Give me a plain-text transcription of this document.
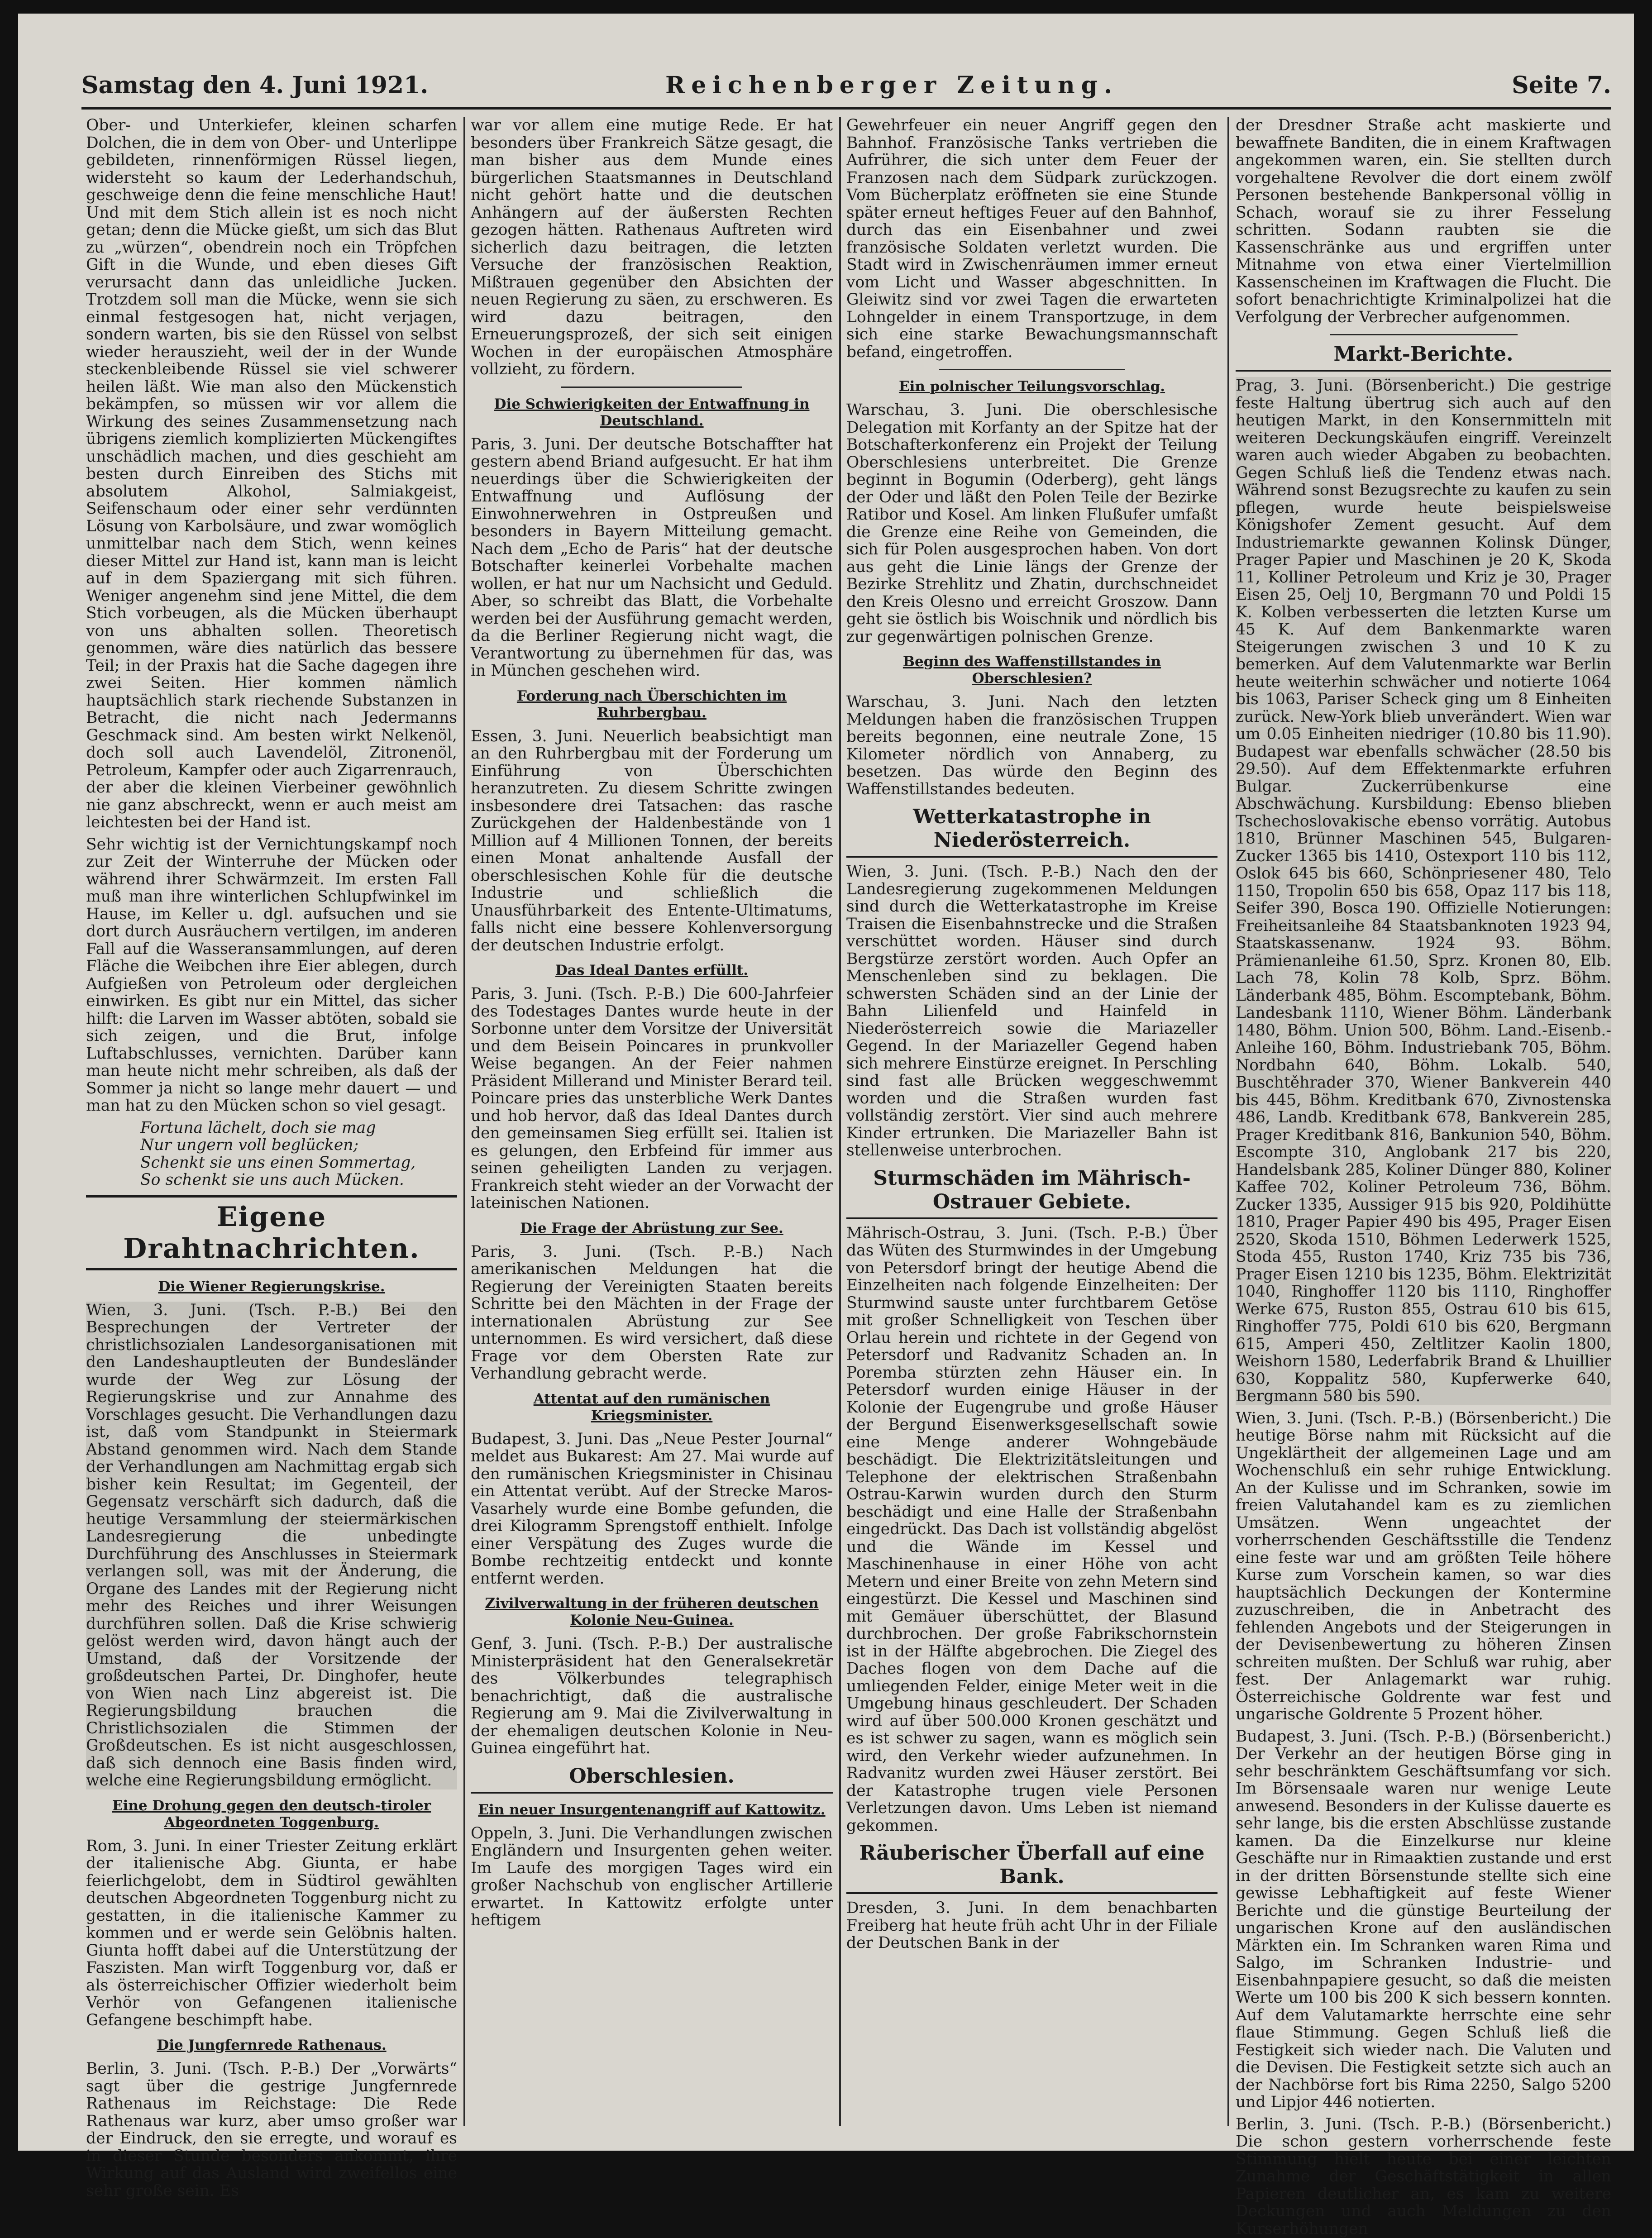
Samstag den 4. Juni 1921.	Reichenberger Zeitung.	Seite 7.

Ober- und Unterkiefer, kleinen scharfen Dolchen, die in dem von Ober- und Unterlippe gebildeten, rinnenförmigen Rüssel liegen, widersteht so kaum der Lederhandschuh, geschweige denn die feine menschliche Haut! Und mit dem Stich allein ist es noch nicht getan; denn die Mücke gießt, um sich das Blut zu „würzen“, obendrein noch ein Tröpfchen Gift in die Wunde, und eben dieses Gift verursacht dann das unleidliche Jucken. Trotzdem soll man die Mücke, wenn sie sich einmal festgesogen hat, nicht verjagen, sondern warten, bis sie den Rüssel von selbst wieder herauszieht, weil der in der Wunde steckenbleibende Rüssel sie viel schwerer heilen läßt. Wie man also den Mückenstich bekämpfen, so müssen wir vor allem die Wirkung des seines Zusammensetzung nach übrigens ziemlich komplizierten Mückengiftes unschädlich machen, und dies geschieht am besten durch Einreiben des Stichs mit absolutem Alkohol, Salmiakgeist, Seifenschaum oder einer sehr verdünnten Lösung von Karbolsäure, und zwar womöglich unmittelbar nach dem Stich, wenn keines dieser Mittel zur Hand ist, kann man is leicht auf in dem Spaziergang mit sich führen. Weniger angenehm sind jene Mittel, die dem Stich vorbeugen, als die Mücken überhaupt von uns abhalten sollen. Theoretisch genommen, wäre dies natürlich das bessere Teil; in der Praxis hat die Sache dagegen ihre zwei Seiten. Hier kommen nämlich hauptsächlich stark riechende Substanzen in Betracht, die nicht nach Jedermanns Geschmack sind. Am besten wirkt Nelkenöl, doch soll auch Lavendelöl, Zitronenöl, Petroleum, Kampfer oder auch Zigarrenrauch, der aber die kleinen Vierbeiner gewöhnlich nie ganz abschreckt, wenn er auch meist am leichtesten bei der Hand ist.

Sehr wichtig ist der Vernichtungskampf noch zur Zeit der Winterruhe der Mücken oder während ihrer Schwärmzeit. Im ersten Fall muß man ihre winterlichen Schlupfwinkel im Hause, im Keller u. dgl. aufsuchen und sie dort durch Ausräuchern vertilgen, im anderen Fall auf die Wasseransammlungen, auf deren Fläche die Weibchen ihre Eier ablegen, durch Aufgießen von Petroleum oder dergleichen einwirken. Es gibt nur ein Mittel, das sicher hilft: die Larven im Wasser abtöten, sobald sie sich zeigen, und die Brut, infolge Luftabschlusses, vernichten. Darüber kann man heute nicht mehr schreiben, als daß der Sommer ja nicht so lange mehr dauert — und man hat zu den Mücken schon so viel gesagt.

Fortuna lächelt, doch sie mag
Nur ungern voll beglücken;
Schenkt sie uns einen Sommertag,
So schenkt sie uns auch Mücken.

Eigene Drahtnachrichten.
Die Wiener Regierungskrise.

Wien, 3. Juni. (Tsch. P.-B.) Bei den Besprechungen der Vertreter der christlichsozialen Landesorganisationen mit den Landeshauptleuten der Bundesländer wurde der Weg zur Lösung der Regierungskrise und zur Annahme des Vorschlages gesucht. Die Verhandlungen dazu ist, daß vom Standpunkt in Steiermark Abstand genommen wird. Nach dem Stande der Verhandlungen am Nachmittag ergab sich bisher kein Resultat; im Gegenteil, der Gegensatz verschärft sich dadurch, daß die heutige Versammlung der steiermärkischen Landesregierung die unbedingte Durchführung des Anschlusses in Steiermark verlangen soll, was mit der Änderung, die Organe des Landes mit der Regierung nicht mehr des Reiches und ihrer Weisungen durchführen sollen. Daß die Krise schwierig gelöst werden wird, davon hängt auch der Umstand, daß der Vorsitzende der großdeutschen Partei, Dr. Dinghofer, heute von Wien nach Linz abgereist ist. Die Regierungsbildung brauchen die Christlichsozialen die Stimmen der Großdeutschen. Es ist nicht ausgeschlossen, daß sich dennoch eine Basis finden wird, welche eine Regierungsbildung ermöglicht.

Eine Drohung gegen den deutsch-tiroler Abgeordneten Toggenburg.

Rom, 3. Juni. In einer Triester Zeitung erklärt der italienische Abg. Giunta, er habe feierlichgelobt, dem in Südtirol gewählten deutschen Abgeordneten Toggenburg nicht zu gestatten, in die italienische Kammer zu kommen und er werde sein Gelöbnis halten. Giunta hofft dabei auf die Unterstützung der Faszisten. Man wirft Toggenburg vor, daß er als österreichischer Offizier wiederholt beim Verhör von Gefangenen italienische Gefangene beschimpft habe.

Die Jungfernrede Rathenaus.

Berlin, 3. Juni. (Tsch. P.-B.) Der „Vorwärts“ sagt über die gestrige Jungfernrede Rathenaus im Reichstage: Die Rede Rathenaus war kurz, aber umso großer war der Eindruck, den sie erregte, und worauf es in dieser Stunde besonders ankommt, ihre Wirkung auf das Ausland wird zweifellos eine sehr große sein. Es

war vor allem eine mutige Rede. Er hat besonders über Frankreich Sätze gesagt, die man bisher aus dem Munde eines bürgerlichen Staatsmannes in Deutschland nicht gehört hatte und die deutschen Anhängern auf der äußersten Rechten gezogen hätten. Rathenaus Auftreten wird sicherlich dazu beitragen, die letzten Versuche der französischen Reaktion, Mißtrauen gegenüber den Absichten der neuen Regierung zu säen, zu erschweren. Es wird dazu beitragen, den Erneuerungsprozeß, der sich seit einigen Wochen in der europäischen Atmosphäre vollzieht, zu fördern.

Die Schwierigkeiten der Entwaffnung in Deutschland.

Paris, 3. Juni. Der deutsche Botschaffter hat gestern abend Briand aufgesucht. Er hat ihm neuerdings über die Schwierigkeiten der Entwaffnung und Auflösung der Einwohnerwehren in Ostpreußen und besonders in Bayern Mitteilung gemacht. Nach dem „Echo de Paris“ hat der deutsche Botschafter keinerlei Vorbehalte machen wollen, er hat nur um Nachsicht und Geduld. Aber, so schreibt das Blatt, die Vorbehalte werden bei der Ausführung gemacht werden, da die Berliner Regierung nicht wagt, die Verantwortung zu übernehmen für das, was in München geschehen wird.

Forderung nach Überschichten im Ruhrbergbau.

Essen, 3. Juni. Neuerlich beabsichtigt man an den Ruhrbergbau mit der Forderung um Einführung von Überschichten heranzutreten. Zu diesem Schritte zwingen insbesondere drei Tatsachen: das rasche Zurückgehen der Haldenbestände von 1 Million auf 4 Millionen Tonnen, der bereits einen Monat anhaltende Ausfall der oberschlesischen Kohle für die deutsche Industrie und schließlich die Unausführbarkeit des Entente-Ultimatums, falls nicht eine bessere Kohlenversorgung der deutschen Industrie erfolgt.

Das Ideal Dantes erfüllt.

Paris, 3. Juni. (Tsch. P.-B.) Die 600-Jahrfeier des Todestages Dantes wurde heute in der Sorbonne unter dem Vorsitze der Universität und dem Beisein Poincares in prunkvoller Weise begangen. An der Feier nahmen Präsident Millerand und Minister Berard teil. Poincare pries das unsterbliche Werk Dantes und hob hervor, daß das Ideal Dantes durch den gemeinsamen Sieg erfüllt sei. Italien ist es gelungen, den Erbfeind für immer aus seinen geheiligten Landen zu verjagen. Frankreich steht wieder an der Vorwacht der lateinischen Nationen.

Die Frage der Abrüstung zur See.

Paris, 3. Juni. (Tsch. P.-B.) Nach amerikanischen Meldungen hat die Regierung der Vereinigten Staaten bereits Schritte bei den Mächten in der Frage der internationalen Abrüstung zur See unternommen. Es wird versichert, daß diese Frage vor dem Obersten Rate zur Verhandlung gebracht werde.

Attentat auf den rumänischen Kriegsminister.

Budapest, 3. Juni. Das „Neue Pester Journal“ meldet aus Bukarest: Am 27. Mai wurde auf den rumänischen Kriegsminister in Chisinau ein Attentat verübt. Auf der Strecke Maros-Vasarhely wurde eine Bombe gefunden, die drei Kilogramm Sprengstoff enthielt. Infolge einer Verspätung des Zuges wurde die Bombe rechtzeitig entdeckt und konnte entfernt werden.

Zivilverwaltung in der früheren deutschen Kolonie Neu-Guinea.

Genf, 3. Juni. (Tsch. P.-B.) Der australische Ministerpräsident hat den Generalsekretär des Völkerbundes telegraphisch benachrichtigt, daß die australische Regierung am 9. Mai die Zivilverwaltung in der ehemaligen deutschen Kolonie in Neu-Guinea eingeführt hat.

Oberschlesien.
Ein neuer Insurgentenangriff auf Kattowitz.

Oppeln, 3. Juni. Die Verhandlungen zwischen Engländern und Insurgenten gehen weiter. Im Laufe des morgigen Tages wird ein großer Nachschub von englischer Artillerie erwartet. In Kattowitz erfolgte unter heftigem

Gewehrfeuer ein neuer Angriff gegen den Bahnhof. Französische Tanks vertrieben die Aufrührer, die sich unter dem Feuer der Franzosen nach dem Südpark zurückzogen. Vom Bücherplatz eröffneten sie eine Stunde später erneut heftiges Feuer auf den Bahnhof, durch das ein Eisenbahner und zwei französische Soldaten verletzt wurden. Die Stadt wird in Zwischenräumen immer erneut vom Licht und Wasser abgeschnitten. In Gleiwitz sind vor zwei Tagen die erwarteten Lohngelder in einem Transportzuge, in dem sich eine starke Bewachungsmannschaft befand, eingetroffen.

Ein polnischer Teilungsvorschlag.

Warschau, 3. Juni. Die oberschlesische Delegation mit Korfanty an der Spitze hat der Botschafterkonferenz ein Projekt der Teilung Oberschlesiens unterbreitet. Die Grenze beginnt in Bogumin (Oderberg), geht längs der Oder und läßt den Polen Teile der Bezirke Ratibor und Kosel. Am linken Flußufer umfaßt die Grenze eine Reihe von Gemeinden, die sich für Polen ausgesprochen haben. Von dort aus geht die Linie längs der Grenze der Bezirke Strehlitz und Zhatin, durchschneidet den Kreis Olesno und erreicht Groszow. Dann geht sie östlich bis Woischnik und nördlich bis zur gegenwärtigen polnischen Grenze.

Beginn des Waffenstillstandes in Oberschlesien?

Warschau, 3. Juni. Nach den letzten Meldungen haben die französischen Truppen bereits begonnen, eine neutrale Zone, 15 Kilometer nördlich von Annaberg, zu besetzen. Das würde den Beginn des Waffenstillstandes bedeuten.

Wetterkatastrophe in Niederösterreich.

Wien, 3. Juni. (Tsch. P.-B.) Nach den der Landesregierung zugekommenen Meldungen sind durch die Wetterkatastrophe im Kreise Traisen die Eisenbahnstrecke und die Straßen verschüttet worden. Häuser sind durch Bergstürze zerstört worden. Auch Opfer an Menschenleben sind zu beklagen. Die schwersten Schäden sind an der Linie der Bahn Lilienfeld und Hainfeld in Niederösterreich sowie die Mariazeller Gegend. In der Mariazeller Gegend haben sich mehrere Einstürze ereignet. In Perschling sind fast alle Brücken weggeschwemmt worden und die Straßen wurden fast vollständig zerstört. Vier sind auch mehrere Kinder ertrunken. Die Mariazeller Bahn ist stellenweise unterbrochen.

Sturmschäden im Mährisch-Ostrauer Gebiete.

Mährisch-Ostrau, 3. Juni. (Tsch. P.-B.) Über das Wüten des Sturmwindes in der Umgebung von Petersdorf bringt der heutige Abend die Einzelheiten nach folgende Einzelheiten: Der Sturmwind sauste unter furchtbarem Getöse mit großer Schnelligkeit von Teschen über Orlau herein und richtete in der Gegend von Petersdorf und Radvanitz Schaden an. In Poremba stürzten zehn Häuser ein. In Petersdorf wurden einige Häuser in der Kolonie der Eugengrube und große Häuser der Bergund Eisenwerksgesellschaft sowie eine Menge anderer Wohngebäude beschädigt. Die Elektrizitätsleitungen und Telephone der elektrischen Straßenbahn Ostrau-Karwin wurden durch den Sturm beschädigt und eine Halle der Straßenbahn eingedrückt. Das Dach ist vollständig abgelöst und die Wände im Kessel und Maschinenhause in einer Höhe von acht Metern und einer Breite von zehn Metern sind eingestürzt. Die Kessel und Maschinen sind mit Gemäuer überschüttet, der Blasund durchbrochen. Der große Fabrikschornstein ist in der Hälfte abgebrochen. Die Ziegel des Daches flogen von dem Dache auf die umliegenden Felder, einige Meter weit in die Umgebung hinaus geschleudert. Der Schaden wird auf über 500.000 Kronen geschätzt und es ist schwer zu sagen, wann es möglich sein wird, den Verkehr wieder aufzunehmen. In Radvanitz wurden zwei Häuser zerstört. Bei der Katastrophe trugen viele Personen Verletzungen davon. Ums Leben ist niemand gekommen.

Räuberischer Überfall auf eine Bank.

Dresden, 3. Juni. In dem benachbarten Freiberg hat heute früh acht Uhr in der Filiale der Deutschen Bank in der

der Dresdner Straße acht maskierte und bewaffnete Banditen, die in einem Kraftwagen angekommen waren, ein. Sie stellten durch vorgehaltene Revolver die dort einem zwölf Personen bestehende Bankpersonal völlig in Schach, worauf sie zu ihrer Fesselung schritten. Sodann raubten sie die Kassenschränke aus und ergriffen unter Mitnahme von etwa einer Viertelmillion Kassenscheinen im Kraftwagen die Flucht. Die sofort benachrichtigte Kriminalpolizei hat die Verfolgung der Verbrecher aufgenommen.

Markt-Berichte.

Prag, 3. Juni. (Börsenbericht.) Die gestrige feste Haltung übertrug sich auch auf den heutigen Markt, in den Konsernmitteln mit weiteren Deckungskäufen eingriff. Vereinzelt waren auch wieder Abgaben zu beobachten. Gegen Schluß ließ die Tendenz etwas nach. Während sonst Bezugsrechte zu kaufen zu sein pflegen, wurde heute beispielsweise Königshofer Zement gesucht. Auf dem Industriemarkte gewannen Kolinsk Dünger, Prager Papier und Maschinen je 20 K, Skoda 11, Kolliner Petroleum und Kriz je 30, Prager Eisen 25, Oelj 10, Bergmann 70 und Poldi 15 K. Kolben verbesserten die letzten Kurse um 45 K. Auf dem Bankenmarkte waren Steigerungen zwischen 3 und 10 K zu bemerken. Auf dem Valutenmarkte war Berlin heute weiterhin schwächer und notierte 1064 bis 1063, Pariser Scheck ging um 8 Einheiten zurück. New-York blieb unverändert. Wien war um 0.05 Einheiten niedriger (10.80 bis 11.90). Budapest war ebenfalls schwächer (28.50 bis 29.50). Auf dem Effektenmarkte erfuhren Bulgar. Zuckerrübenkurse eine Abschwächung. Kursbildung: Ebenso blieben Tschechoslovakische ebenso vorrätig. Autobus 1810, Brünner Maschinen 545, Bulgaren-Zucker 1365 bis 1410, Ostexport 110 bis 112, Oslok 645 bis 660, Schönpriesener 480, Telo 1150, Tropolin 650 bis 658, Opaz 117 bis 118, Seifer 390, Bosca 190. Offizielle Notierungen: Freiheitsanleihe 84 Staatsbanknoten 1923 94, Staatskassenanw. 1924 93. Böhm. Prämienanleihe 61.50, Sprz. Kronen 80, Elb. Lach 78, Kolin 78 Kolb, Sprz. Böhm. Länderbank 485, Böhm. Escomptebank, Böhm. Landesbank 1110, Wiener Böhm. Länderbank 1480, Böhm. Union 500, Böhm. Land.-Eisenb.-Anleihe 160, Böhm. Industriebank 705, Böhm. Nordbahn 640, Böhm. Lokalb. 540, Buschtěhrader 370, Wiener Bankverein 440 bis 445, Böhm. Kreditbank 670, Zivnostenska 486, Landb. Kreditbank 678, Bankverein 285, Prager Kreditbank 816, Bankunion 540, Böhm. Escompte 310, Anglobank 217 bis 220, Handelsbank 285, Koliner Dünger 880, Koliner Kaffee 702, Koliner Petroleum 736, Böhm. Zucker 1335, Aussiger 915 bis 920, Poldihütte 1810, Prager Papier 490 bis 495, Prager Eisen 2520, Skoda 1510, Böhmen Lederwerk 1525, Stoda 455, Ruston 1740, Kriz 735 bis 736, Prager Eisen 1210 bis 1235, Böhm. Elektrizität 1040, Ringhoffer 1120 bis 1110, Ringhoffer Werke 675, Ruston 855, Ostrau 610 bis 615, Ringhoffer 775, Poldi 610 bis 620, Bergmann 615, Amperi 450, Zeltlitzer Kaolin 1800, Weishorn 1580, Lederfabrik Brand & Lhuillier 630, Koppalitz 580, Kupferwerke 640, Bergmann 580 bis 590.

Wien, 3. Juni. (Tsch. P.-B.) (Börsenbericht.) Die heutige Börse nahm mit Rücksicht auf die Ungeklärtheit der allgemeinen Lage und am Wochenschluß ein sehr ruhige Entwicklung. An der Kulisse und im Schranken, sowie im freien Valutahandel kam es zu ziemlichen Umsätzen. Wenn ungeachtet der vorherrschenden Geschäftsstille die Tendenz eine feste war und am größten Teile höhere Kurse zum Vorschein kamen, so war dies hauptsächlich Deckungen der Kontermine zuzuschreiben, die in Anbetracht des fehlenden Angebots und der Steigerungen in der Devisenbewertung zu höheren Zinsen schreiten mußten. Der Schluß war ruhig, aber fest. Der Anlagemarkt war ruhig. Österreichische Goldrente war fest und ungarische Goldrente 5 Prozent höher.

Budapest, 3. Juni. (Tsch. P.-B.) (Börsenbericht.) Der Verkehr an der heutigen Börse ging in sehr beschränktem Geschäftsumfang vor sich. Im Börsensaale waren nur wenige Leute anwesend. Besonders in der Kulisse dauerte es sehr lange, bis die ersten Abschlüsse zustande kamen. Da die Einzelkurse nur kleine Geschäfte nur in Rimaaktien zustande und erst in der dritten Börsenstunde stellte sich eine gewisse Lebhaftigkeit auf feste Wiener Berichte und die günstige Beurteilung der ungarischen Krone auf den ausländischen Märkten ein. Im Schranken waren Rima und Salgo, im Schranken Industrie- und Eisenbahnpapiere gesucht, so daß die meisten Werte um 100 bis 200 K sich bessern konnten. Auf dem Valutamarkte herrschte eine sehr flaue Stimmung. Gegen Schluß ließ die Festigkeit sich wieder nach. Die Valuten und die Devisen. Die Festigkeit setzte sich auch an der Nachbörse fort bis Rima 2250, Salgo 5200 und Lipjor 446 notierten.

Berlin, 3. Juni. (Tsch. P.-B.) (Börsenbericht.) Die schon gestern vorherrschende feste Stimmung hielt heute bei einer leichten Zunahme der Geschäftstätigkeit in allen Papieren deutlicher an, es kam zu weitere Deckungen und auch Meldungen zu den Kurserhöhungen
